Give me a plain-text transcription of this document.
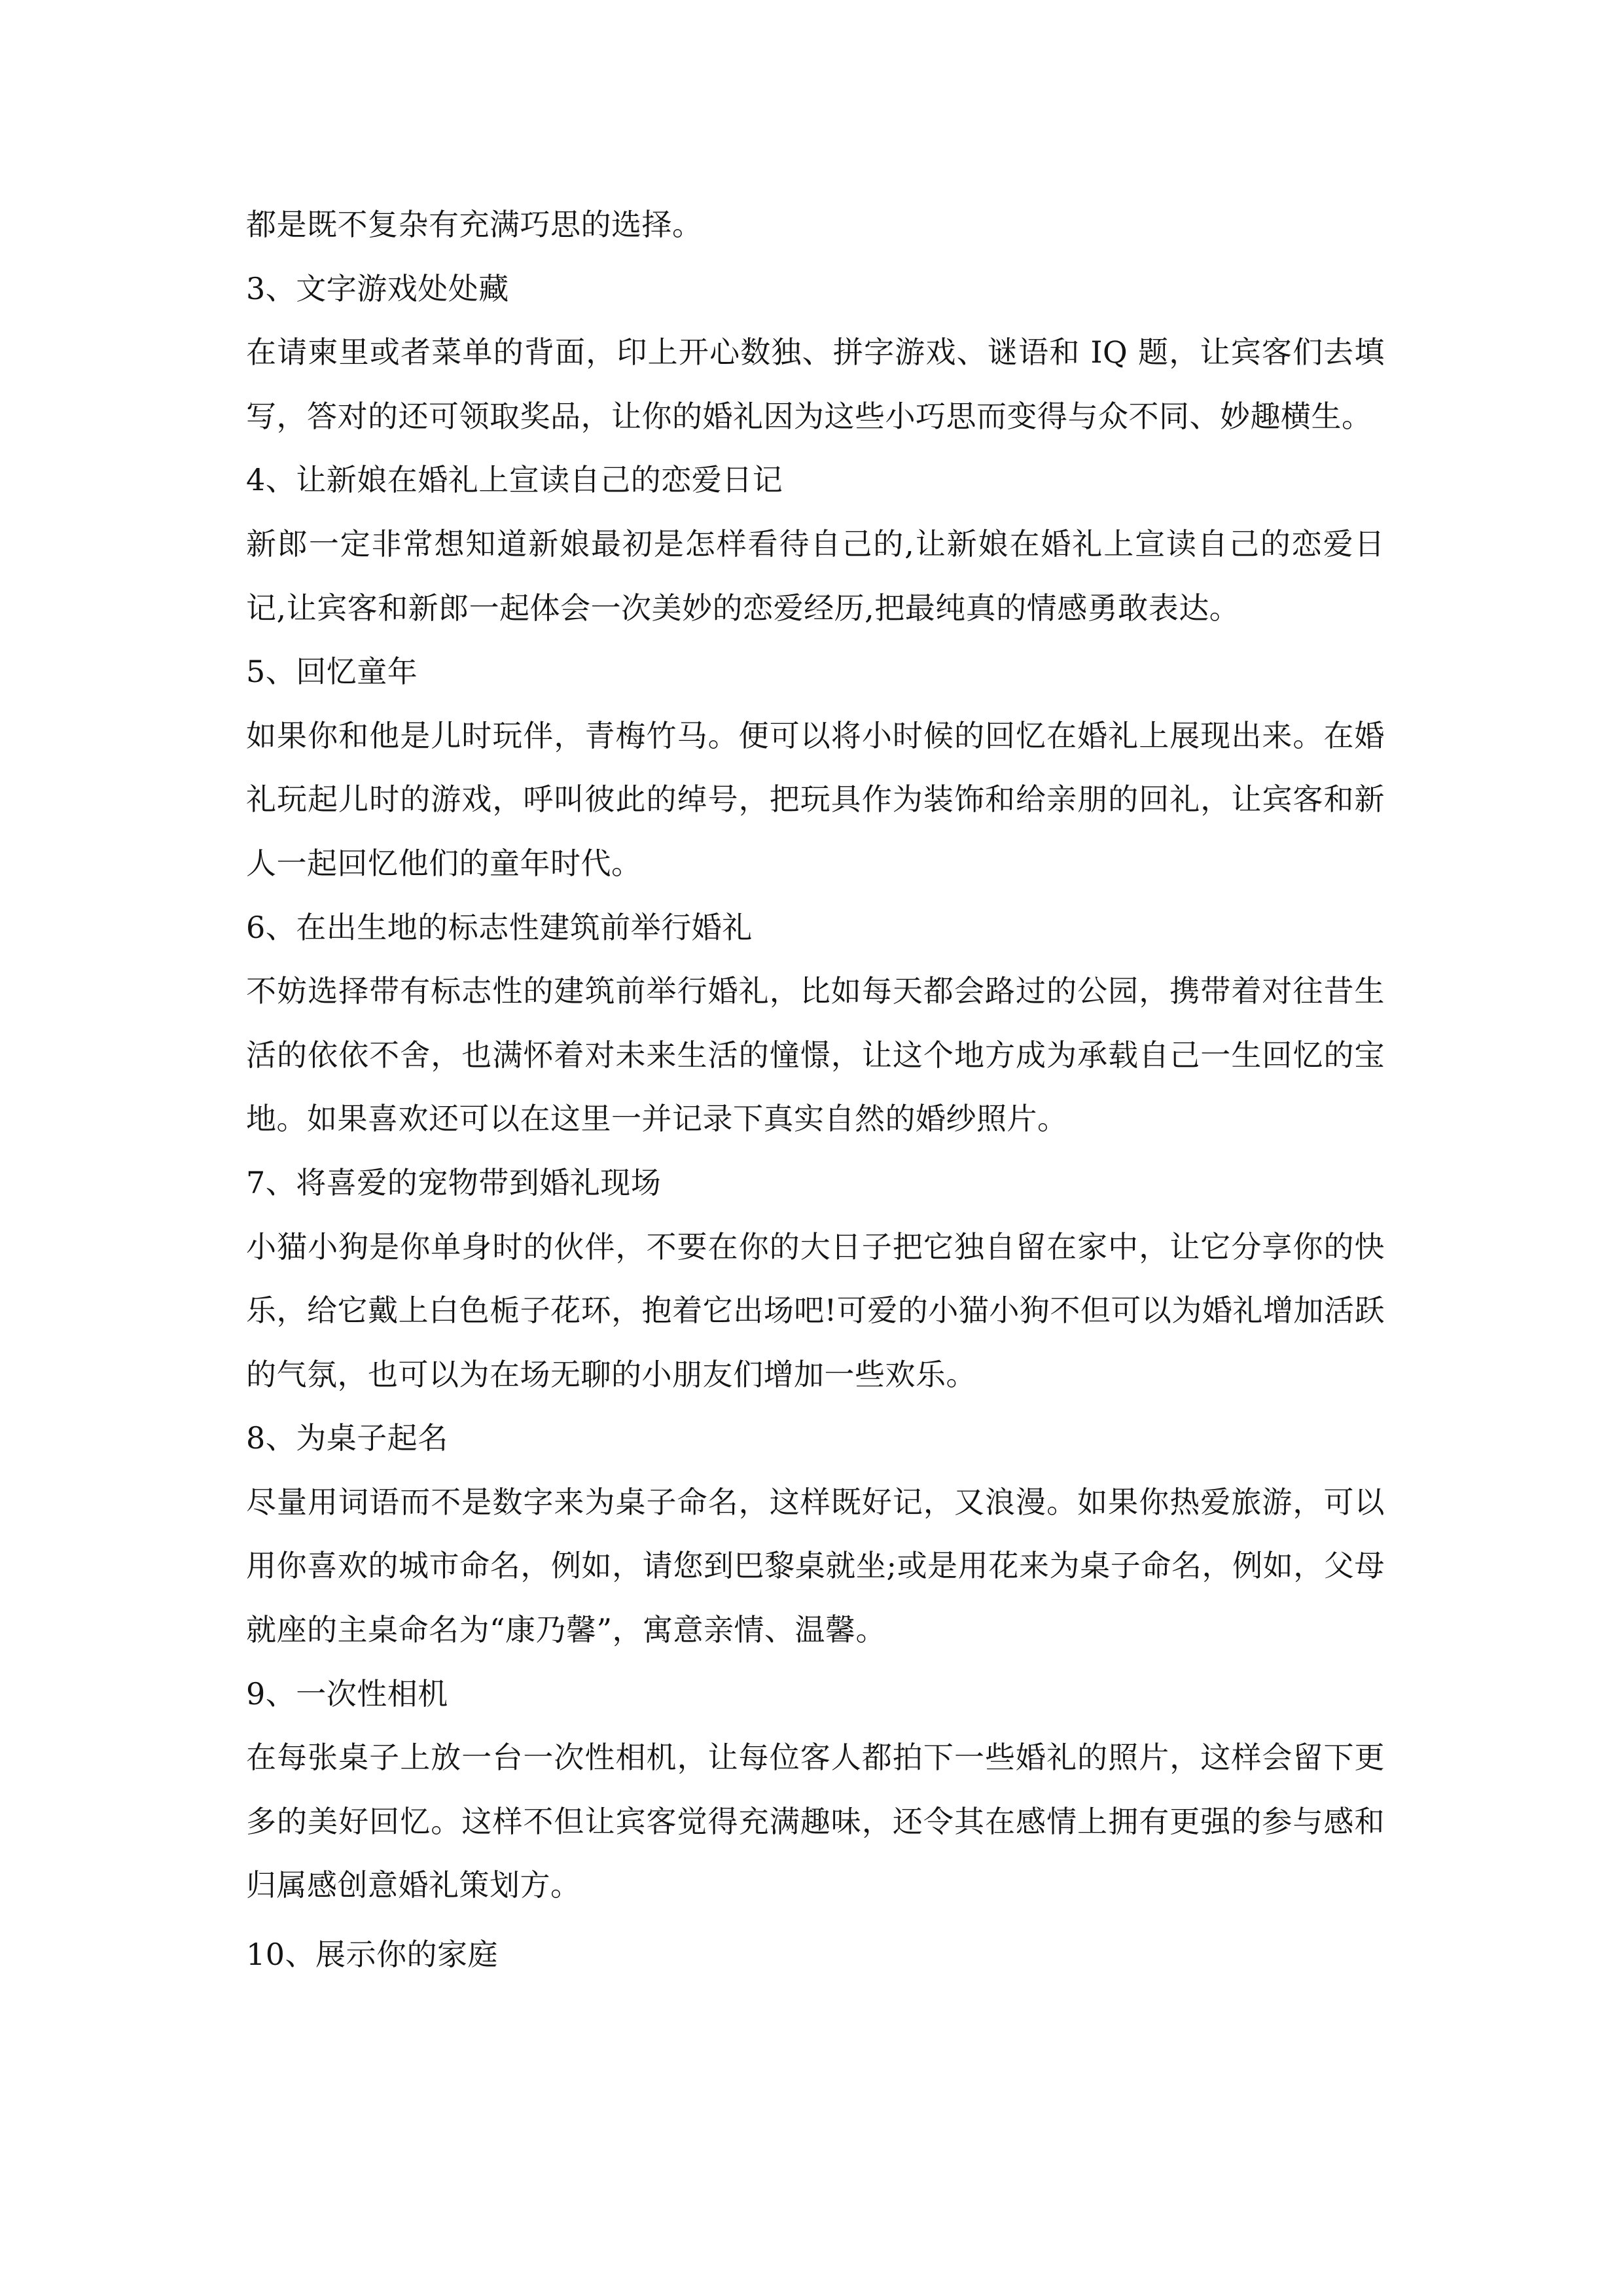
都是既不复杂有充满巧思的选择。

3、文字游戏处处藏

在请柬里或者菜单的背面，印上开心数独、拼字游戏、谜语和 IQ 题，让宾客们去填写，答对的还可领取奖品，让你的婚礼因为这些小巧思而变得与众不同、妙趣横生。

4、让新娘在婚礼上宣读自己的恋爱日记

新郎一定非常想知道新娘最初是怎样看待自己的,让新娘在婚礼上宣读自己的恋爱日记,让宾客和新郎一起体会一次美妙的恋爱经历,把最纯真的情感勇敢表达。

5、回忆童年

如果你和他是儿时玩伴，青梅竹马。便可以将小时候的回忆在婚礼上展现出来。在婚礼玩起儿时的游戏，呼叫彼此的绰号，把玩具作为装饰和给亲朋的回礼，让宾客和新人一起回忆他们的童年时代。

6、在出生地的标志性建筑前举行婚礼

不妨选择带有标志性的建筑前举行婚礼，比如每天都会路过的公园，携带着对往昔生活的依依不舍，也满怀着对未来生活的憧憬，让这个地方成为承载自己一生回忆的宝地。如果喜欢还可以在这里一并记录下真实自然的婚纱照片。

7、将喜爱的宠物带到婚礼现场

小猫小狗是你单身时的伙伴，不要在你的大日子把它独自留在家中，让它分享你的快乐，给它戴上白色栀子花环，抱着它出场吧!可爱的小猫小狗不但可以为婚礼增加活跃的气氛，也可以为在场无聊的小朋友们增加一些欢乐。

8、为桌子起名

尽量用词语而不是数字来为桌子命名，这样既好记，又浪漫。如果你热爱旅游，可以用你喜欢的城市命名，例如，请您到巴黎桌就坐;或是用花来为桌子命名，例如，父母就座的主桌命名为“康乃馨”，寓意亲情、温馨。

9、一次性相机

在每张桌子上放一台一次性相机，让每位客人都拍下一些婚礼的照片，这样会留下更多的美好回忆。这样不但让宾客觉得充满趣味，还令其在感情上拥有更强的参与感和归属感创意婚礼策划方。

10、展示你的家庭
